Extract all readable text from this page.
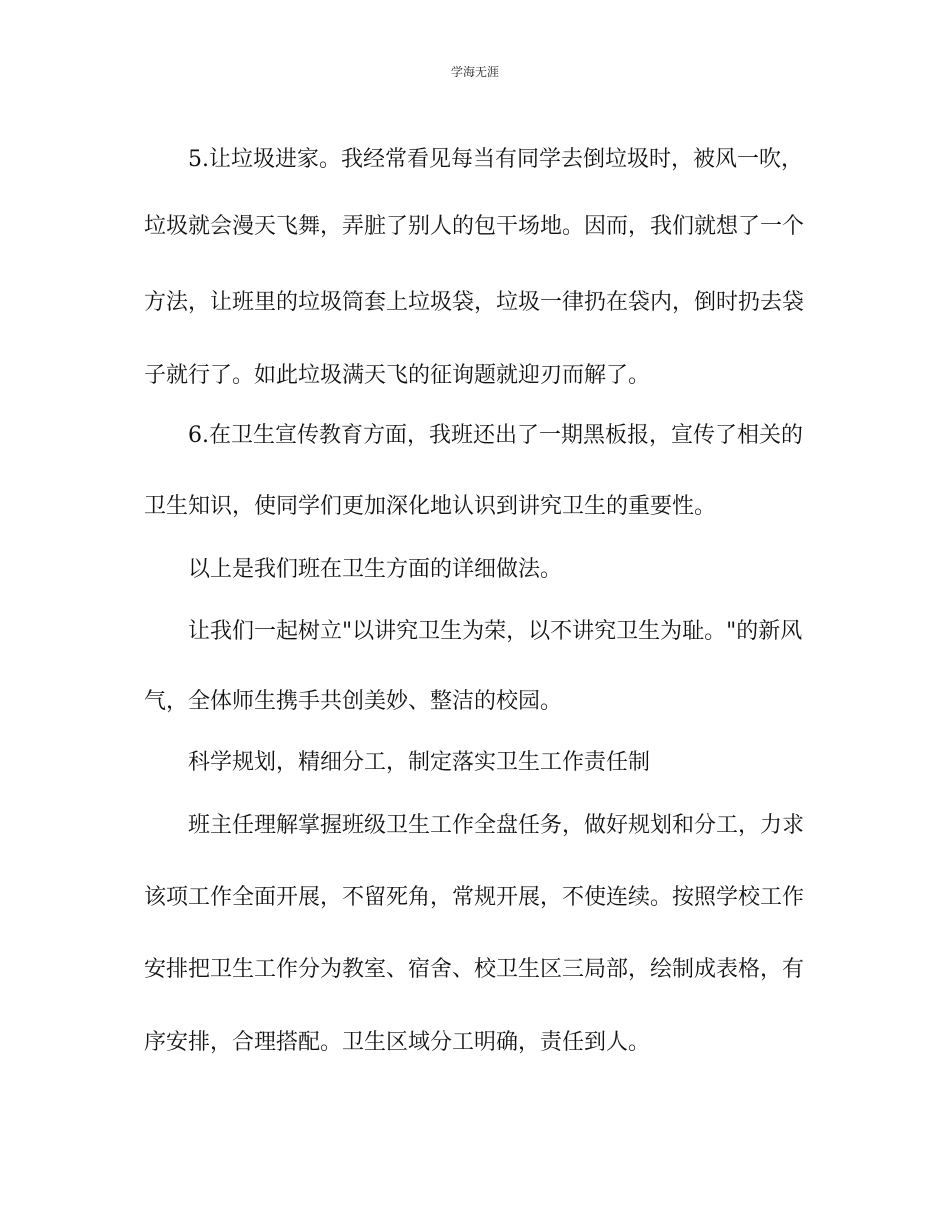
学海无涯
5.让垃圾进家。我经常看见每当有同学去倒垃圾时，被风一吹，
垃圾就会漫天飞舞，弄脏了别人的包干场地。因而，我们就想了一个
方法，让班里的垃圾筒套上垃圾袋，垃圾一律扔在袋内，倒时扔去袋
子就行了。如此垃圾满天飞的征询题就迎刃而解了。
6.在卫生宣传教育方面，我班还出了一期黑板报，宣传了相关的
卫生知识，使同学们更加深化地认识到讲究卫生的重要性。
以上是我们班在卫生方面的详细做法。
让我们一起树立"以讲究卫生为荣，以不讲究卫生为耻。"的新风
气，全体师生携手共创美妙、整洁的校园。
科学规划，精细分工，制定落实卫生工作责任制
班主任理解掌握班级卫生工作全盘任务，做好规划和分工，力求
该项工作全面开展，不留死角，常规开展，不使连续。按照学校工作
安排把卫生工作分为教室、宿舍、校卫生区三局部，绘制成表格，有
序安排，合理搭配。卫生区域分工明确，责任到人。
